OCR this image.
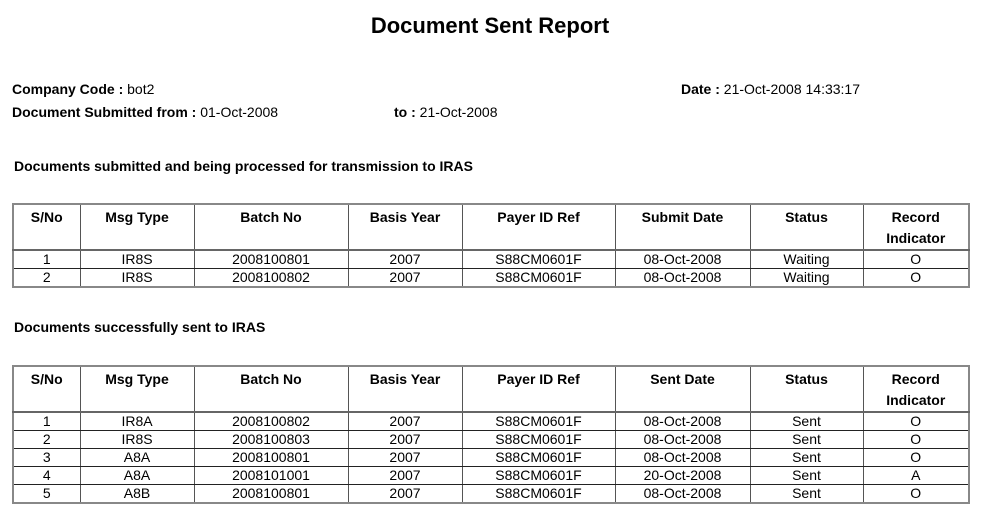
Document Sent Report
Company Code : bot2	Date : 21-Oct-2008 14:33:17
Document Submitted from : 01-Oct-2008	to : 21-Oct-2008
Documents submitted and being processed for transmission to IRAS
S/No	Msg Type	Batch No	Basis Year	Payer ID Ref	Submit Date	Status	Record Indicator
1	IR8S	2008100801	2007	S88CM0601F	08-Oct-2008	Waiting	O
2	IR8S	2008100802	2007	S88CM0601F	08-Oct-2008	Waiting	O
Documents successfully sent to IRAS
S/No	Msg Type	Batch No	Basis Year	Payer ID Ref	Sent Date	Status	Record Indicator
1	IR8A	2008100802	2007	S88CM0601F	08-Oct-2008	Sent	O
2	IR8S	2008100803	2007	S88CM0601F	08-Oct-2008	Sent	O
3	A8A	2008100801	2007	S88CM0601F	08-Oct-2008	Sent	O
4	A8A	2008101001	2007	S88CM0601F	20-Oct-2008	Sent	A
5	A8B	2008100801	2007	S88CM0601F	08-Oct-2008	Sent	O
